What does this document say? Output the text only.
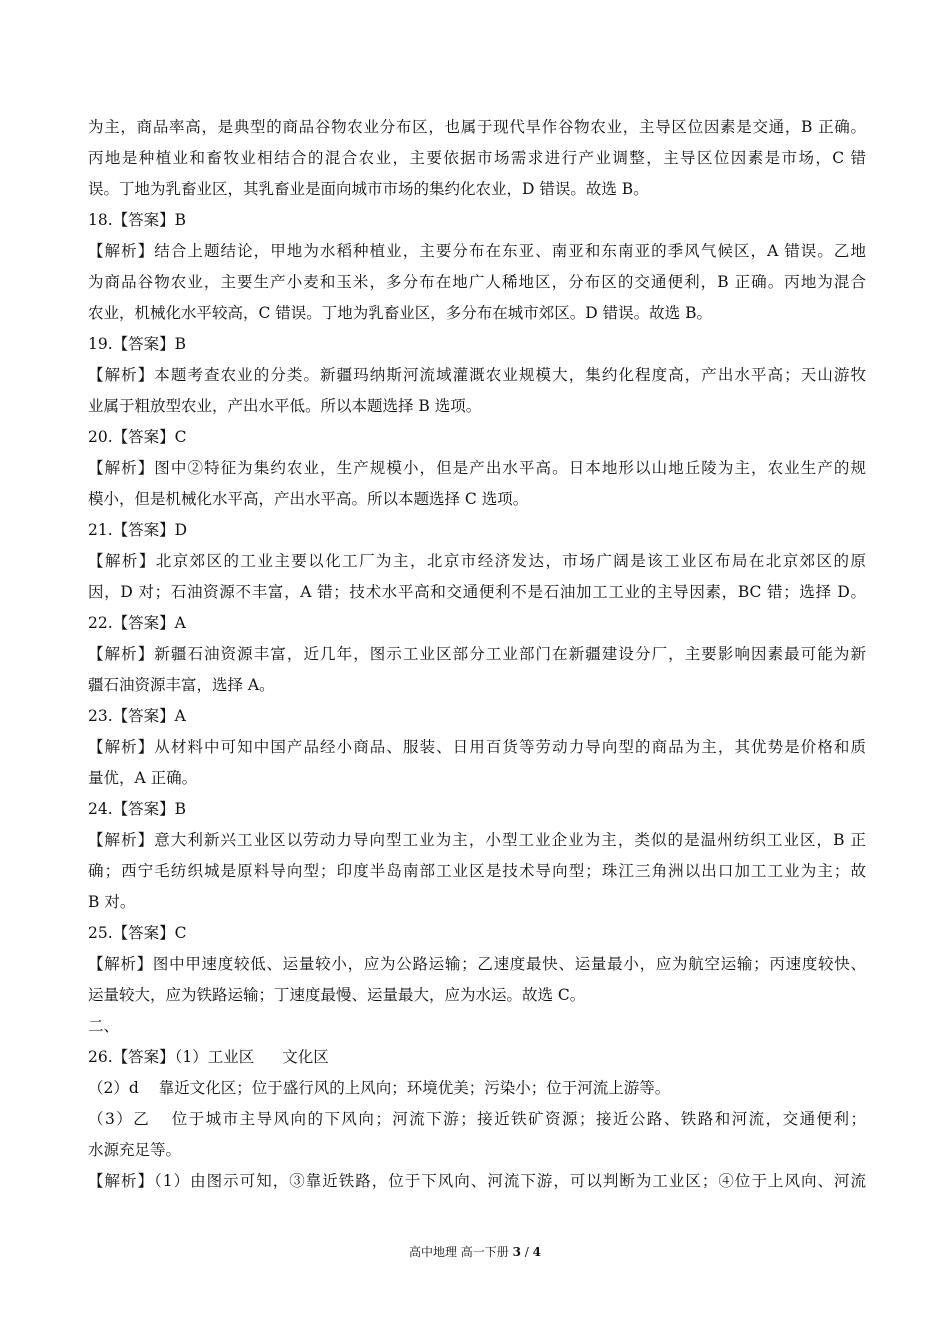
为主，商品率高，是典型的商品谷物农业分布区，也属于现代旱作谷物农业，主导区位因素是交通，B 正确。
丙地是种植业和畜牧业相结合的混合农业，主要依据市场需求进行产业调整，主导区位因素是市场，C 错
误。丁地为乳畜业区，其乳畜业是面向城市市场的集约化农业，D 错误。故选 B。
18.【答案】B
【解析】结合上题结论，甲地为水稻种植业，主要分布在东亚、南亚和东南亚的季风气候区，A 错误。乙地
为商品谷物农业，主要生产小麦和玉米，多分布在地广人稀地区，分布区的交通便利，B 正确。丙地为混合
农业，机械化水平较高，C 错误。丁地为乳畜业区，多分布在城市郊区。D 错误。故选 B。
19.【答案】B
【解析】本题考查农业的分类。新疆玛纳斯河流域灌溉农业规模大，集约化程度高，产出水平高；天山游牧
业属于粗放型农业，产出水平低。所以本题选择 B 选项。
20.【答案】C
【解析】图中②特征为集约农业，生产规模小，但是产出水平高。日本地形以山地丘陵为主，农业生产的规
模小，但是机械化水平高，产出水平高。所以本题选择 C 选项。
21.【答案】D
【解析】北京郊区的工业主要以化工厂为主，北京市经济发达，市场广阔是该工业区布局在北京郊区的原
因，D 对；石油资源不丰富，A 错；技术水平高和交通便利不是石油加工工业的主导因素，BC 错；选择 D。
22.【答案】A
【解析】新疆石油资源丰富，近几年，图示工业区部分工业部门在新疆建设分厂，主要影响因素最可能为新
疆石油资源丰富，选择 A。
23.【答案】A
【解析】从材料中可知中国产品经小商品、服装、日用百货等劳动力导向型的商品为主，其优势是价格和质
量优，A 正确。
24.【答案】B
【解析】意大利新兴工业区以劳动力导向型工业为主，小型工业企业为主，类似的是温州纺织工业区，B 正
确；西宁毛纺织城是原料导向型；印度半岛南部工业区是技术导向型；珠江三角洲以出口加工工业为主；故
B 对。
25.【答案】C
【解析】图中甲速度较低、运量较小，应为公路运输；乙速度最快、运量最小，应为航空运输；丙速度较快、
运量较大，应为铁路运输；丁速度最慢、运量最大，应为水运。故选 C。
二、
26.【答案】（1）工业区 文化区
（2）d 靠近文化区；位于盛行风的上风向；环境优美；污染小；位于河流上游等。
（3）乙 位于城市主导风向的下风向；河流下游；接近铁矿资源；接近公路、铁路和河流，交通便利；
水源充足等。
【解析】（1）由图示可知，③靠近铁路，位于下风向、河流下游，可以判断为工业区；④位于上风向、河流
高中地理 高一下册 3 / 4
